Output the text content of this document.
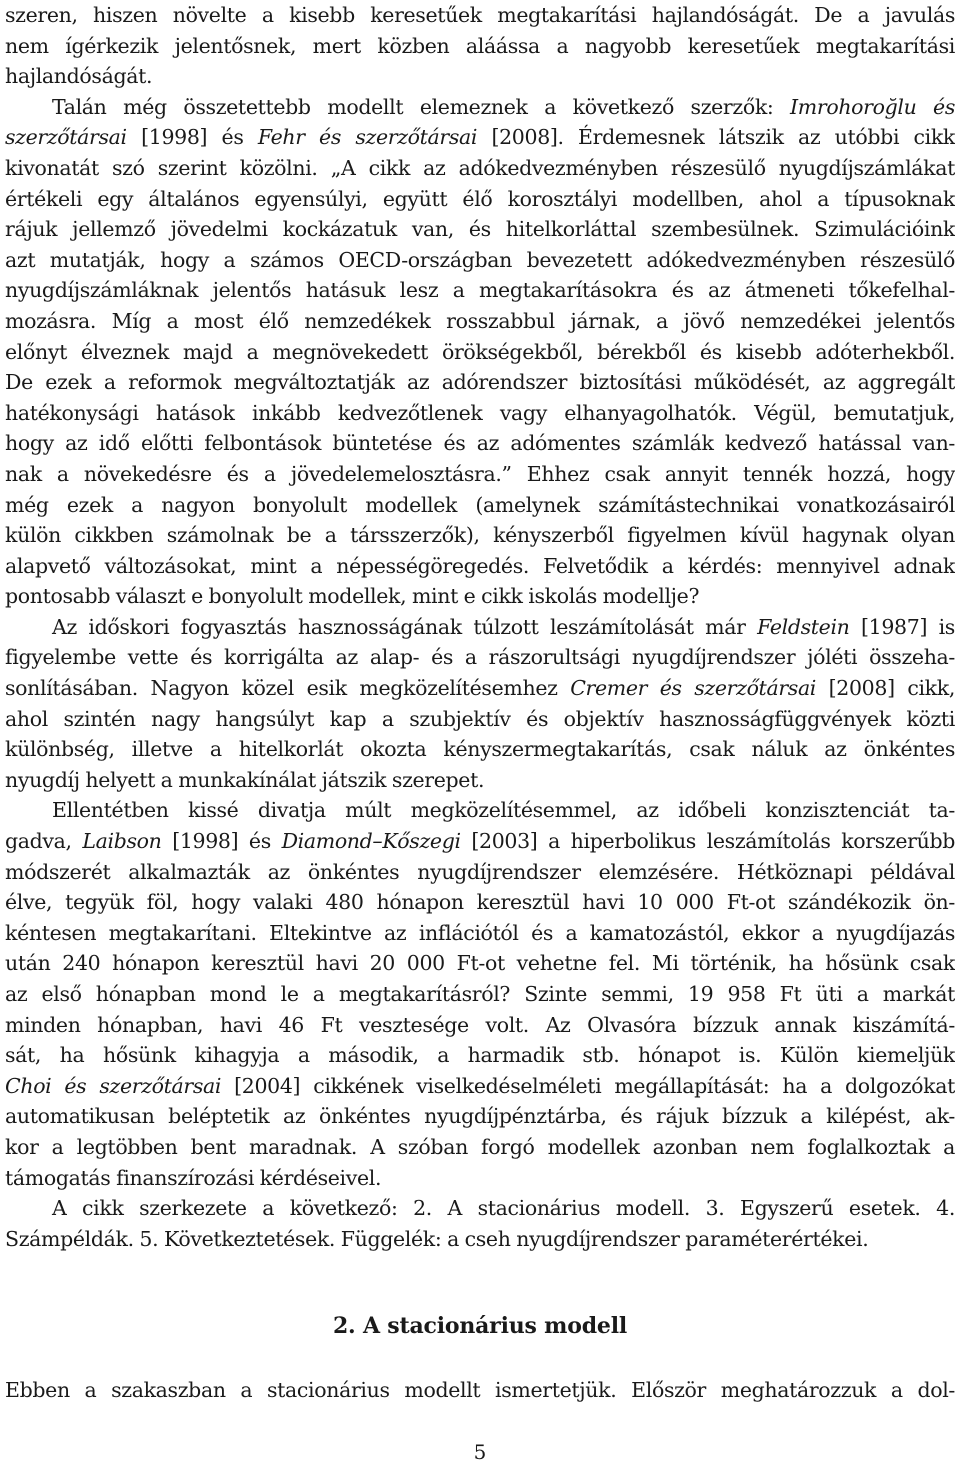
szeren, hiszen növelte a kisebb keresetűek megtakarítási hajlandóságát. De a javulás
nem ígérkezik jelentősnek, mert közben aláássa a nagyobb keresetűek megtakarítási
hajlandóságát.
Talán még összetettebb modellt elemeznek a következő szerzők: Imrohoroğlu és
szerzőtársai [1998] és Fehr és szerzőtársai [2008]. Érdemesnek látszik az utóbbi cikk
kivonatát szó szerint közölni. „A cikk az adókedvezményben részesülő nyugdíjszámlákat
értékeli egy általános egyensúlyi, együtt élő korosztályi modellben, ahol a típusoknak
rájuk jellemző jövedelmi kockázatuk van, és hitelkorláttal szembesülnek. Szimulációink
azt mutatják, hogy a számos OECD-országban bevezetett adókedvezményben részesülő
nyugdíjszámláknak jelentős hatásuk lesz a megtakarításokra és az átmeneti tőkefelhal-
mozásra. Míg a most élő nemzedékek rosszabbul járnak, a jövő nemzedékei jelentős
előnyt élveznek majd a megnövekedett örökségekből, bérekből és kisebb adóterhekből.
De ezek a reformok megváltoztatják az adórendszer biztosítási működését, az aggregált
hatékonysági hatások inkább kedvezőtlenek vagy elhanyagolhatók. Végül, bemutatjuk,
hogy az idő előtti felbontások büntetése és az adómentes számlák kedvező hatással van-
nak a növekedésre és a jövedelemelosztásra.” Ehhez csak annyit tennék hozzá, hogy
még ezek a nagyon bonyolult modellek (amelynek számítástechnikai vonatkozásairól
külön cikkben számolnak be a társszerzők), kényszerből figyelmen kívül hagynak olyan
alapvető változásokat, mint a népességöregedés. Felvetődik a kérdés: mennyivel adnak
pontosabb választ e bonyolult modellek, mint e cikk iskolás modellje?
Az időskori fogyasztás hasznosságának túlzott leszámítolását már Feldstein [1987] is
figyelembe vette és korrigálta az alap- és a rászorultsági nyugdíjrendszer jóléti összeha-
sonlításában. Nagyon közel esik megközelítésemhez Cremer és szerzőtársai [2008] cikk,
ahol szintén nagy hangsúlyt kap a szubjektív és objektív hasznosságfüggvények közti
különbség, illetve a hitelkorlát okozta kényszermegtakarítás, csak náluk az önkéntes
nyugdíj helyett a munkakínálat játszik szerepet.
Ellentétben kissé divatja múlt megközelítésemmel, az időbeli konzisztenciát ta-
gadva, Laibson [1998] és Diamond–Kőszegi [2003] a hiperbolikus leszámítolás korszerűbb
módszerét alkalmazták az önkéntes nyugdíjrendszer elemzésére. Hétköznapi példával
élve, tegyük föl, hogy valaki 480 hónapon keresztül havi 10 000 Ft-ot szándékozik ön-
kéntesen megtakarítani. Eltekintve az inflációtól és a kamatozástól, ekkor a nyugdíjazás
után 240 hónapon keresztül havi 20 000 Ft-ot vehetne fel. Mi történik, ha hősünk csak
az első hónapban mond le a megtakarításról? Szinte semmi, 19 958 Ft üti a markát
minden hónapban, havi 46 Ft vesztesége volt. Az Olvasóra bízzuk annak kiszámítá-
sát, ha hősünk kihagyja a második, a harmadik stb. hónapot is. Külön kiemeljük
Choi és szerzőtársai [2004] cikkének viselkedéselméleti megállapítását: ha a dolgozókat
automatikusan beléptetik az önkéntes nyugdíjpénztárba, és rájuk bízzuk a kilépést, ak-
kor a legtöbben bent maradnak. A szóban forgó modellek azonban nem foglalkoztak a
támogatás finanszírozási kérdéseivel.
A cikk szerkezete a következő: 2. A stacionárius modell. 3. Egyszerű esetek. 4.
Számpéldák. 5. Következtetések. Függelék: a cseh nyugdíjrendszer paraméterértékei.
2. A stacionárius modell
Ebben a szakaszban a stacionárius modellt ismertetjük. Először meghatározzuk a dol-
5
